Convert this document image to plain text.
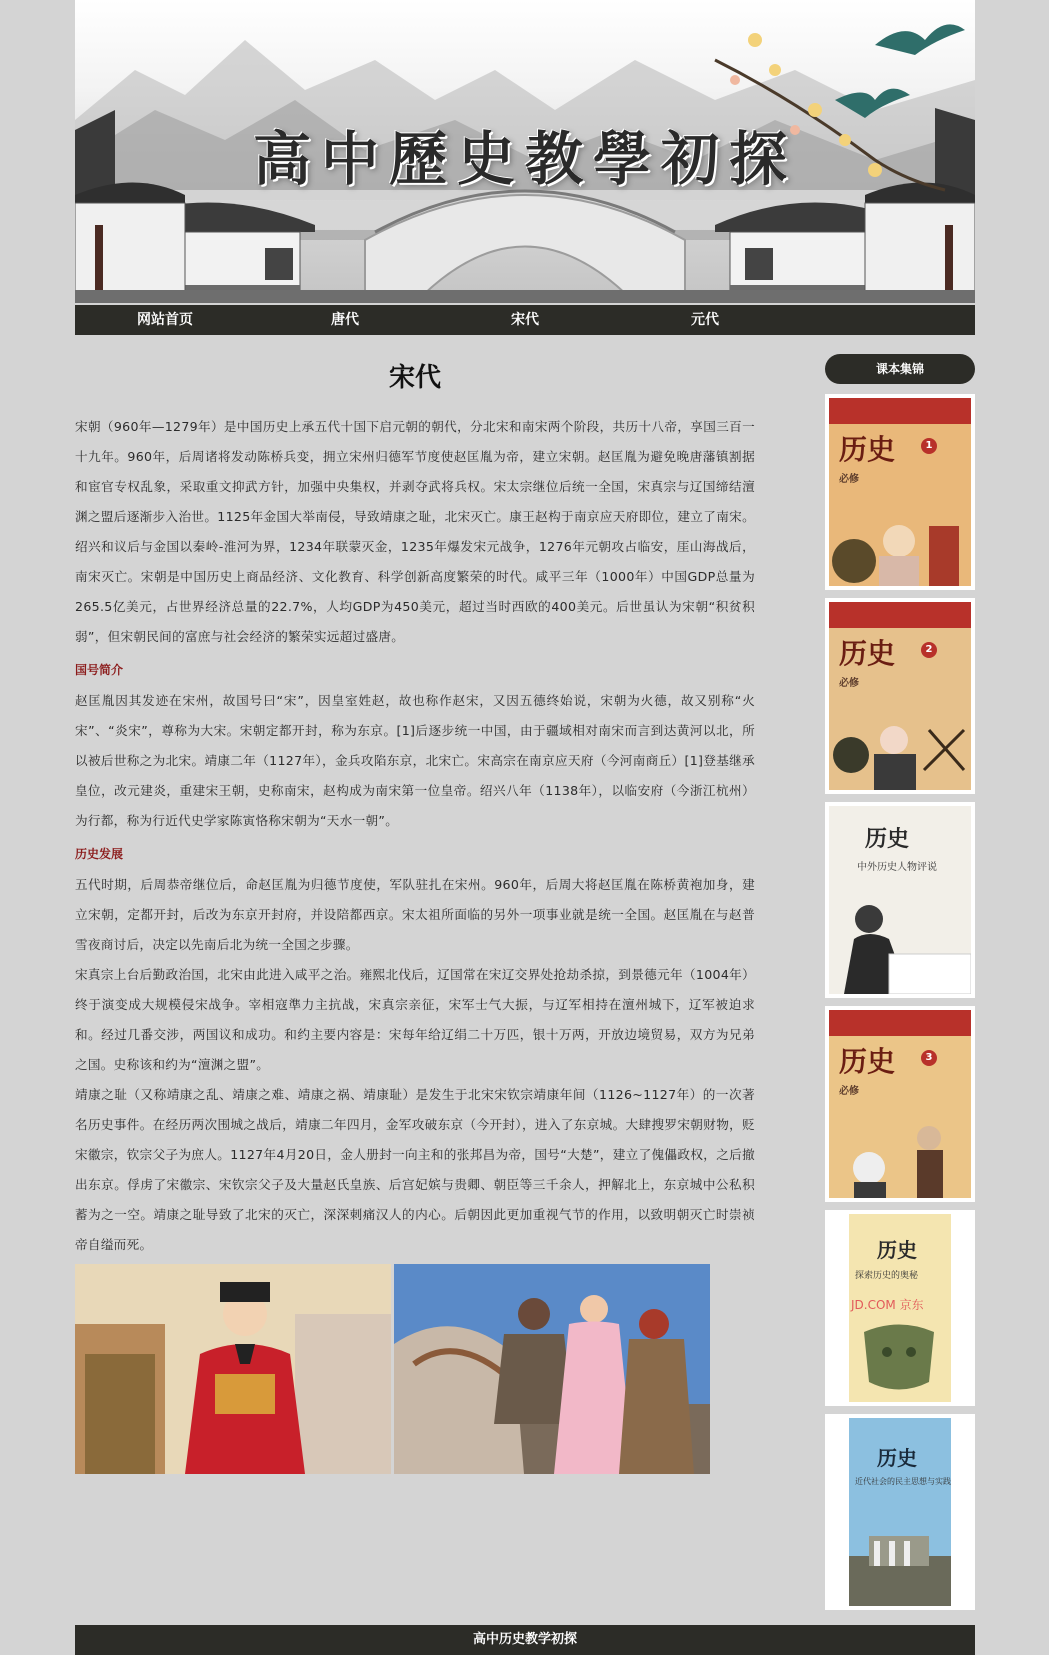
高中歷史教學初探
网站首页	唐代	宋代	元代
宋代

宋朝（960年—1279年）是中国历史上承五代十国下启元朝的朝代，分北宋和南宋两个阶段，共历十八帝，享国三百一十九年。960年，后周诸将发动陈桥兵变，拥立宋州归德军节度使赵匡胤为帝，建立宋朝。赵匡胤为避免晚唐藩镇割据和宦官专权乱象，采取重文抑武方针，加强中央集权，并剥夺武将兵权。宋太宗继位后统一全国，宋真宗与辽国缔结澶渊之盟后逐渐步入治世。1125年金国大举南侵，导致靖康之耻，北宋灭亡。康王赵构于南京应天府即位，建立了南宋。绍兴和议后与金国以秦岭-淮河为界，1234年联蒙灭金，1235年爆发宋元战争，1276年元朝攻占临安，厓山海战后，南宋灭亡。宋朝是中国历史上商品经济、文化教育、科学创新高度繁荣的时代。咸平三年（1000年）中国GDP总量为265.5亿美元，占世界经济总量的22.7%，人均GDP为450美元，超过当时西欧的400美元。后世虽认为宋朝“积贫积弱”，但宋朝民间的富庶与社会经济的繁荣实远超过盛唐。

国号简介

赵匡胤因其发迹在宋州，故国号曰“宋”，因皇室姓赵，故也称作赵宋，又因五德终始说，宋朝为火德，故又别称“火宋”、“炎宋”，尊称为大宋。宋朝定都开封，称为东京。[1]后逐步统一中国，由于疆域相对南宋而言到达黄河以北，所以被后世称之为北宋。靖康二年（1127年），金兵攻陷东京，北宋亡。宋高宗在南京应天府（今河南商丘）[1]登基继承皇位，改元建炎，重建宋王朝，史称南宋，赵构成为南宋第一位皇帝。绍兴八年（1138年），以临安府（今浙江杭州）为行都，称为行近代史学家陈寅恪称宋朝为“天水一朝”。

历史发展

五代时期，后周恭帝继位后，命赵匡胤为归德节度使，军队驻扎在宋州。960年，后周大将赵匡胤在陈桥黄袍加身，建立宋朝，定都开封，后改为东京开封府，并设陪都西京。宋太祖所面临的另外一项事业就是统一全国。赵匡胤在与赵普雪夜商讨后，决定以先南后北为统一全国之步骤。

宋真宗上台后勤政治国，北宋由此进入咸平之治。雍熙北伐后，辽国常在宋辽交界处抢劫杀掠，到景德元年（1004年）终于演变成大规模侵宋战争。宰相寇準力主抗战，宋真宗亲征，宋军士气大振，与辽军相持在澶州城下，辽军被迫求和。经过几番交涉，两国议和成功。和约主要内容是：宋每年给辽绢二十万匹，银十万两，开放边境贸易，双方为兄弟之国。史称该和约为“澶渊之盟”。

靖康之耻（又称靖康之乱、靖康之难、靖康之祸、靖康耻）是发生于北宋宋钦宗靖康年间（1126~1127年）的一次著名历史事件。在经历两次围城之战后，靖康二年四月，金军攻破东京（今开封），进入了东京城。大肆搜罗宋朝财物，贬宋徽宗，钦宗父子为庶人。1127年4月20日，金人册封一向主和的张邦昌为帝，国号“大楚”，建立了傀儡政权，之后撤出东京。俘虏了宋徽宗、宋钦宗父子及大量赵氏皇族、后宫妃嫔与贵卿、朝臣等三千余人，押解北上，东京城中公私积蓄为之一空。靖康之耻导致了北宋的灭亡，深深刺痛汉人的内心。后朝因此更加重视气节的作用，以致明朝灭亡时崇祯帝自缢而死。

课本集锦
历史	1
必修
历史	2
必修
历史
中外历史人物评说
历史	3
必修
历史
探索历史的奥秘
JD.COM 京东
历史
近代社会的民主思想与实践
高中历史教学初探
